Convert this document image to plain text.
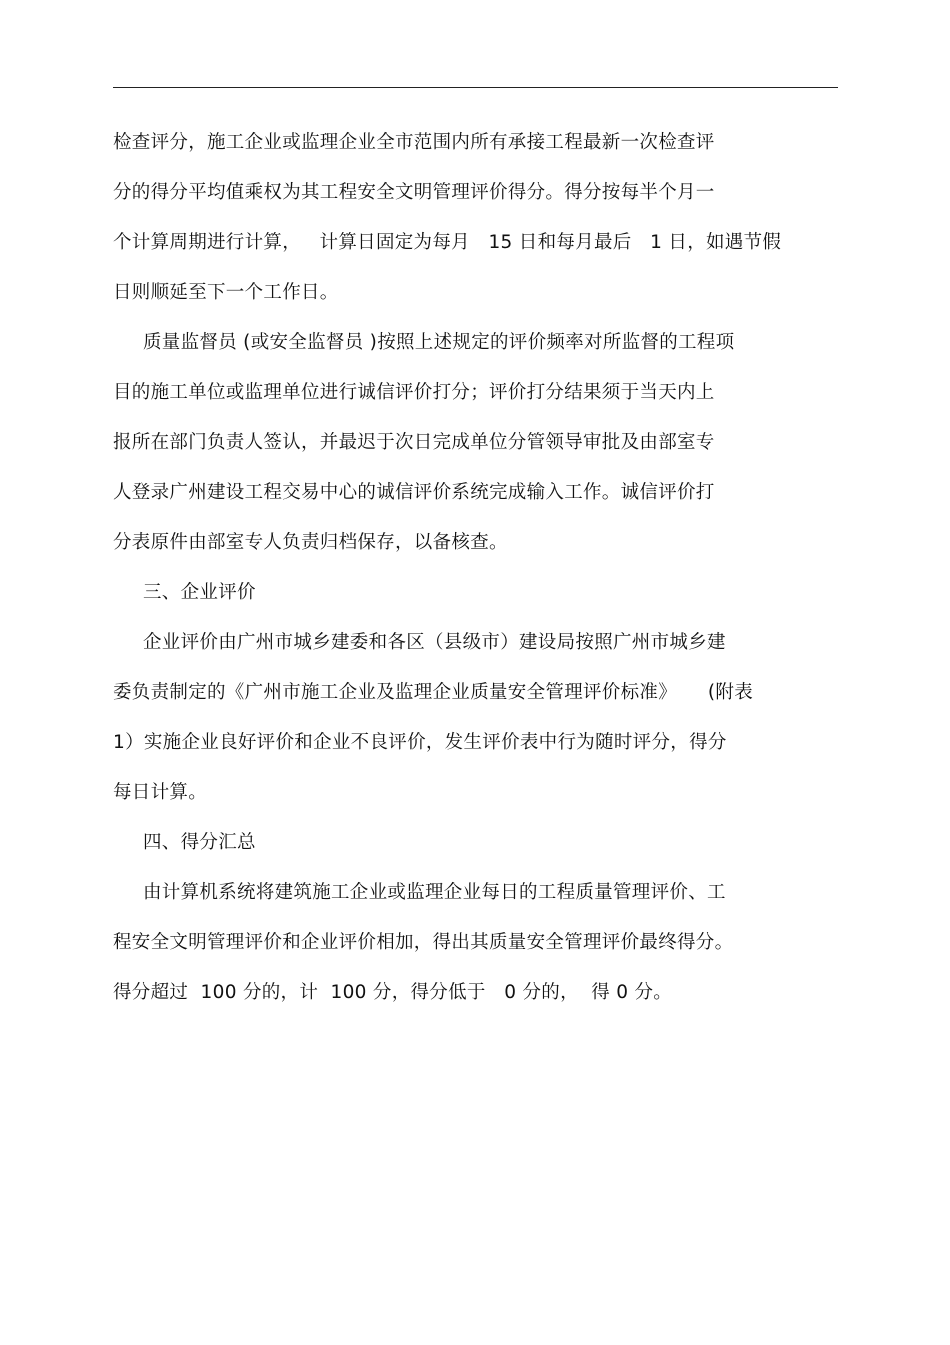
检查评分，施工企业或监理企业全市范围内所有承接工程最新一次检查评
分的得分平均值乘权为其工程安全文明管理评价得分。得分按每半个月一
个计算周期进行计算，   计算日固定为每月   15 日和每月最后   1 日，如遇节假
日则顺延至下一个工作日。
质量监督员 (或安全监督员 )按照上述规定的评价频率对所监督的工程项
目的施工单位或监理单位进行诚信评价打分；评价打分结果须于当天内上
报所在部门负责人签认，并最迟于次日完成单位分管领导审批及由部室专
人登录广州建设工程交易中心的诚信评价系统完成输入工作。诚信评价打
分表原件由部室专人负责归档保存，以备核查。
三、企业评价
企业评价由广州市城乡建委和各区（县级市）建设局按照广州市城乡建
委负责制定的《广州市施工企业及监理企业质量安全管理评价标准》     (附表
1）实施企业良好评价和企业不良评价，发生评价表中行为随时评分，得分
每日计算。
四、得分汇总
由计算机系统将建筑施工企业或监理企业每日的工程质量管理评价、工
程安全文明管理评价和企业评价相加，得出其质量安全管理评价最终得分。
得分超过  100 分的，计  100 分，得分低于   0 分的，  得 0 分。
